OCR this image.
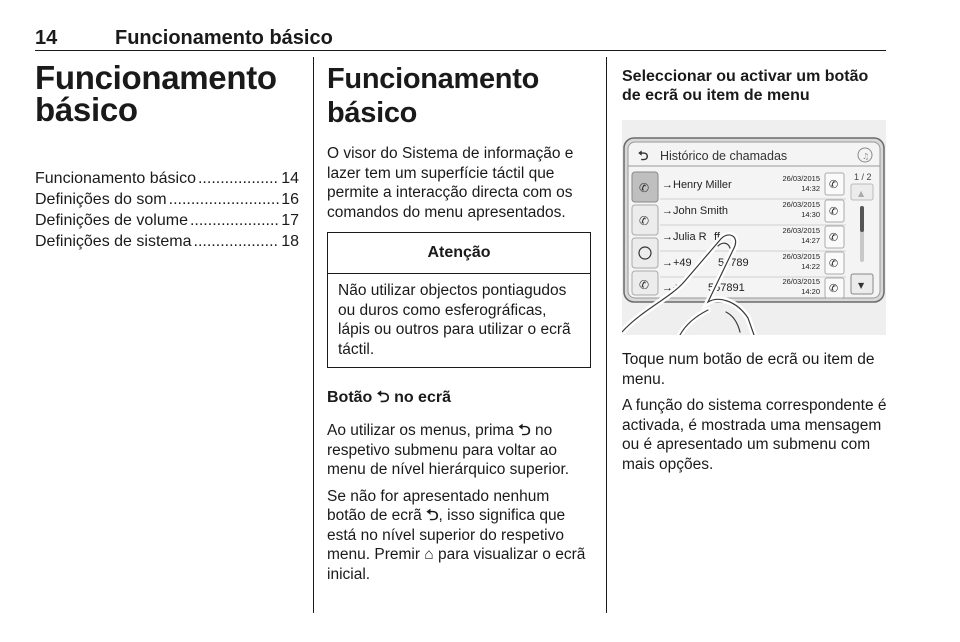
14	Funcionamento básico
Funcionamento
básico
Funcionamento básico .....	14
Definições do som .....	16
Definições de volume .....	17
Definições de sistema .....	18
Funcionamento básico

O visor do Sistema de informação e lazer tem um superfície táctil que permite a interacção directa com os comandos do menu apresentados.

Atenção
Não utilizar objectos pontiagudos ou duros como esferográficas, lápis ou outros para utilizar o ecrã táctil.
Botão ⮌ no ecrã

Ao utilizar os menus, prima ⮌ no respetivo submenu para voltar ao menu de nível hierárquico superior.

Se não for apresentado nenhum botão de ecrã ⮌, isso significa que está no nível superior do respetivo menu. Premir ⌂ para visualizar o ecrã inicial.

Seleccionar ou activar um botão de ecrã ou item de menu
⮌ Histórico de chamadas	♫
✆
✆
✆
→Henry Miller
26/03/2015
14:32 ✆
→John Smith
26/03/2015
14:30 ✆
→Julia R ff
26/03/2015
14:27 ✆
→+49 56789
26/03/2015
14:22 ✆
→+	567891
26/03/2015
14:20 ✆
1 / 2
▲
▼

Toque num botão de ecrã ou item de menu.

A função do sistema correspondente é activada, é mostrada uma mensagem ou é apresentado um submenu com mais opções.
